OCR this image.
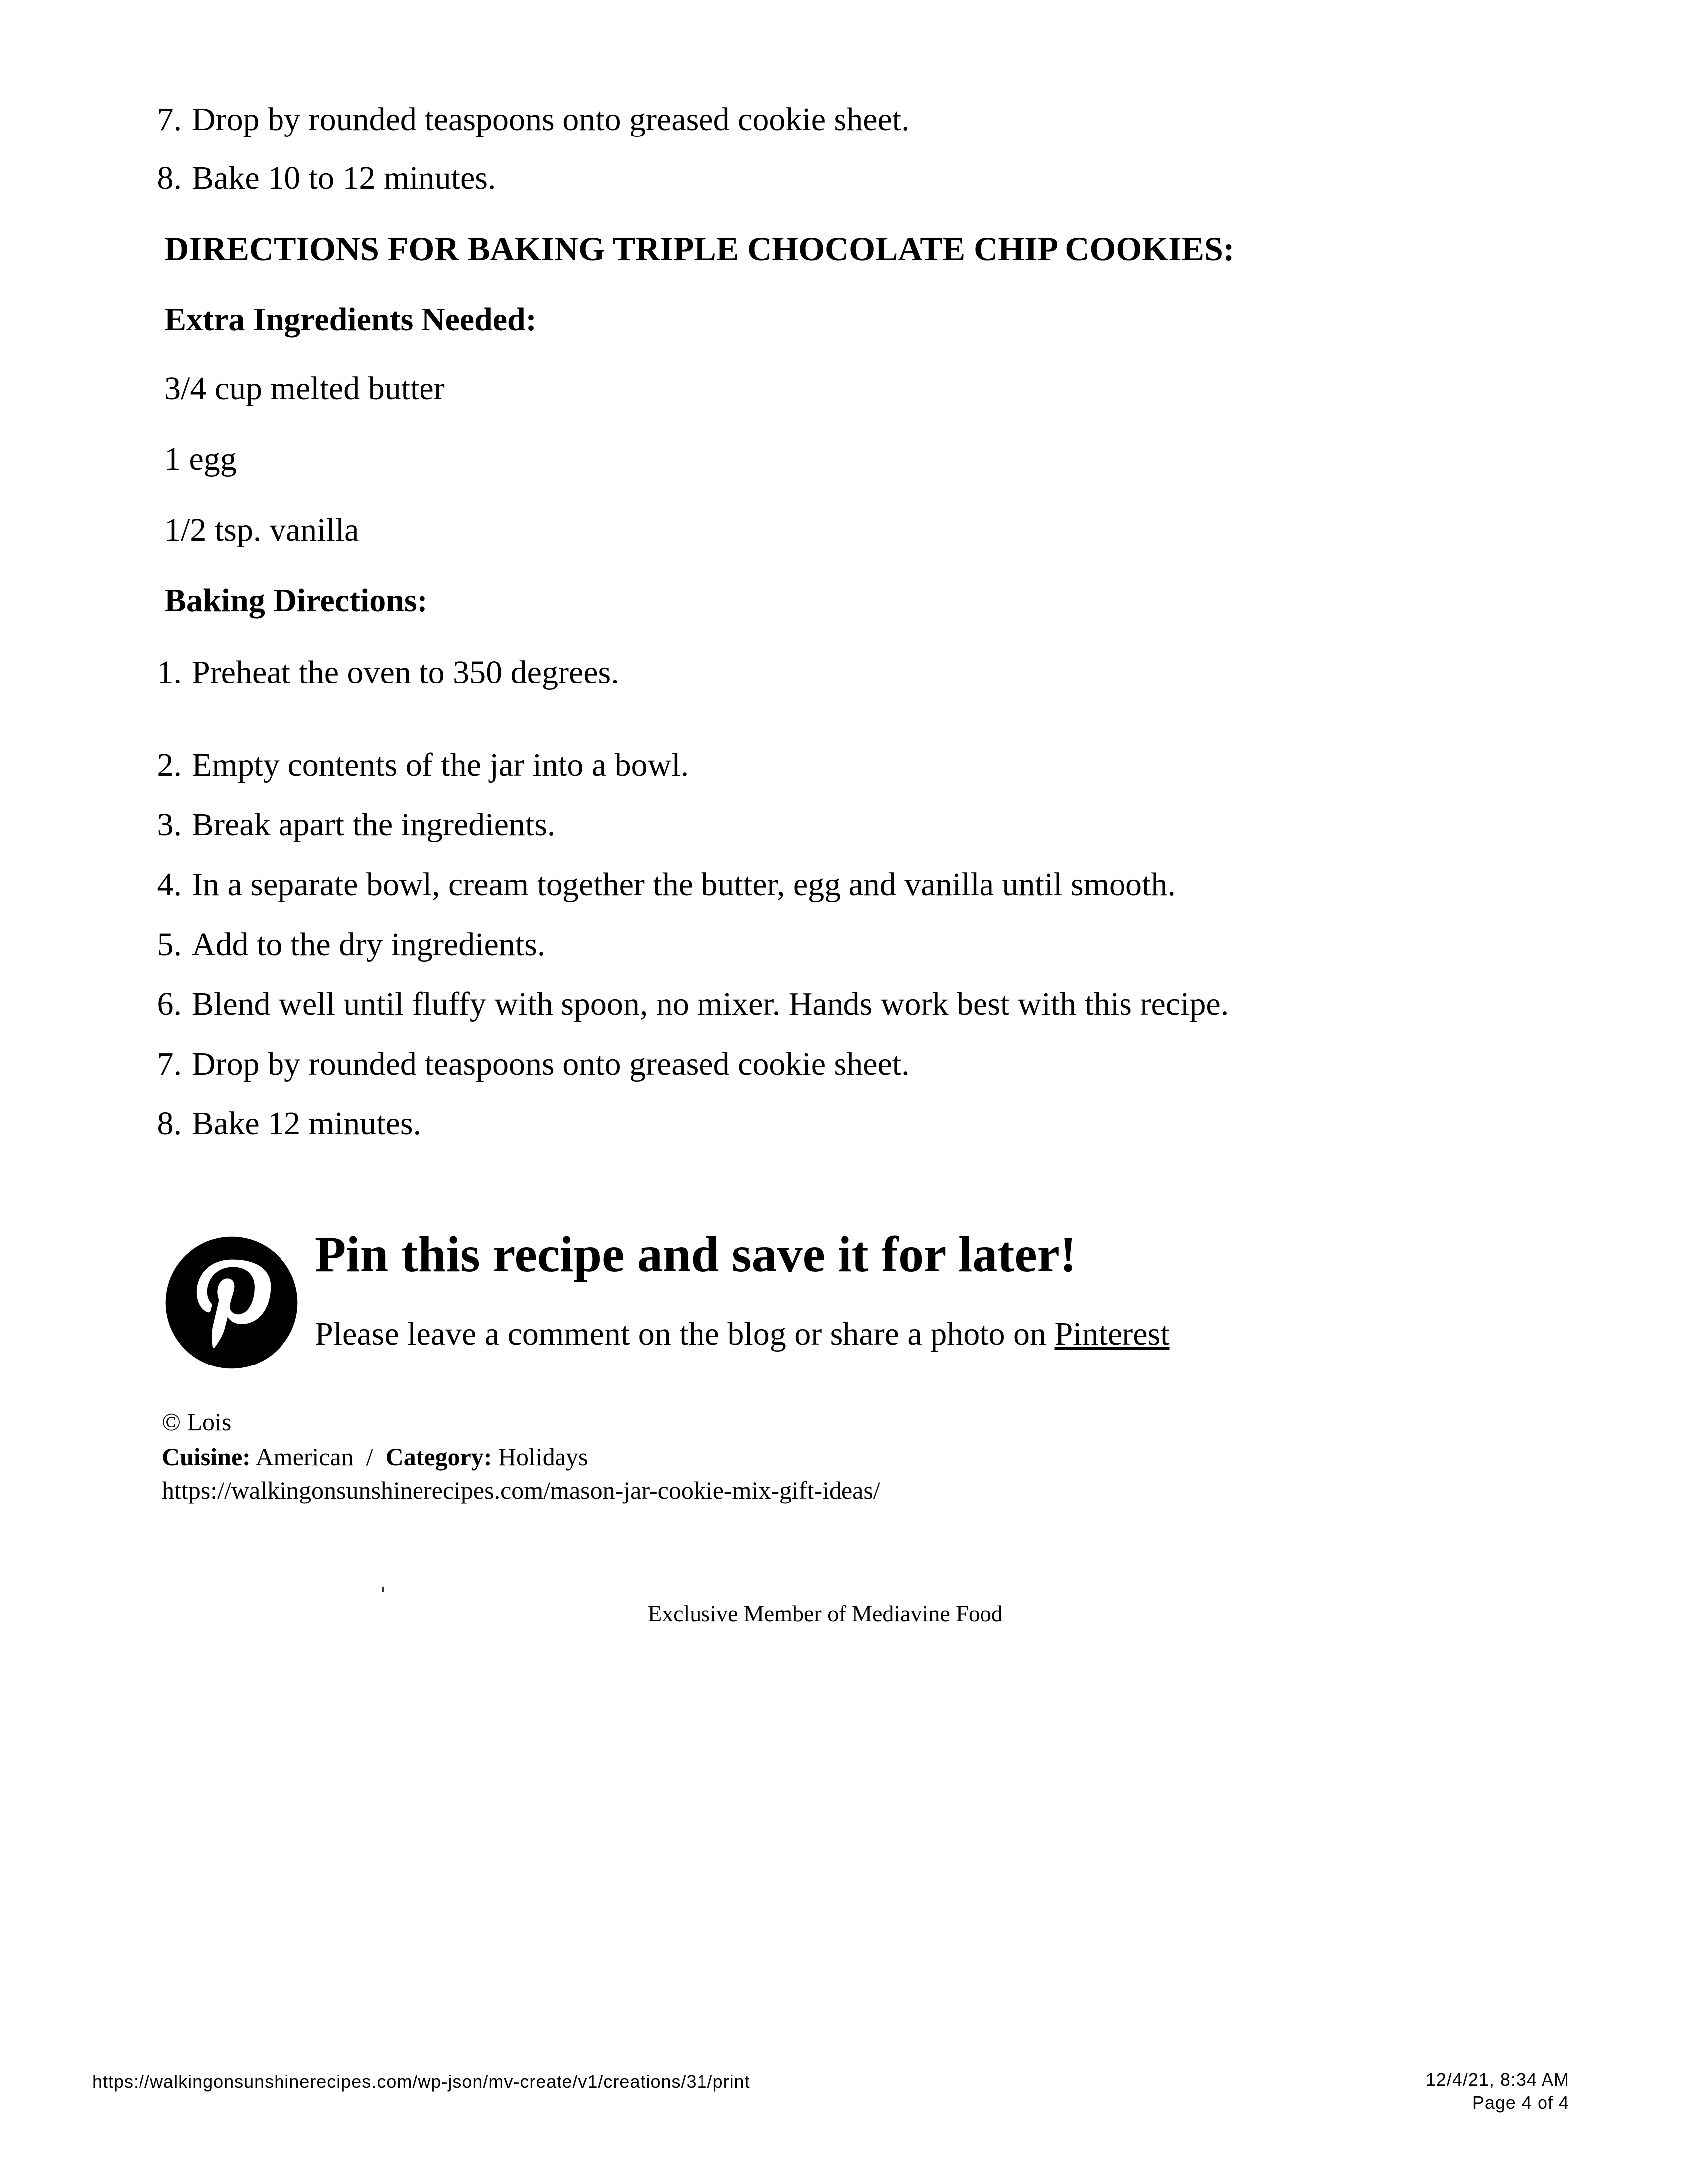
7. Drop by rounded teaspoons onto greased cookie sheet.
8. Bake 10 to 12 minutes.
DIRECTIONS FOR BAKING TRIPLE CHOCOLATE CHIP COOKIES:
Extra Ingredients Needed:
3/4 cup melted butter
1 egg
1/2 tsp. vanilla
Baking Directions:
1. Preheat the oven to 350 degrees.
2. Empty contents of the jar into a bowl.
3. Break apart the ingredients.
4. In a separate bowl, cream together the butter, egg and vanilla until smooth.
5. Add to the dry ingredients.
6. Blend well until fluffy with spoon, no mixer. Hands work best with this recipe.
7. Drop by rounded teaspoons onto greased cookie sheet.
8. Bake 12 minutes.
Pin this recipe and save it for later!
Please leave a comment on the blog or share a photo on Pinterest
© Lois
Cuisine: American / Category: Holidays
https://walkingonsunshinerecipes.com/mason-jar-cookie-mix-gift-ideas/
Exclusive Member of Mediavine Food
https://walkingonsunshinerecipes.com/wp-json/mv-create/v1/creations/31/print	12/4/21, 8:34 AM
Page 4 of 4
